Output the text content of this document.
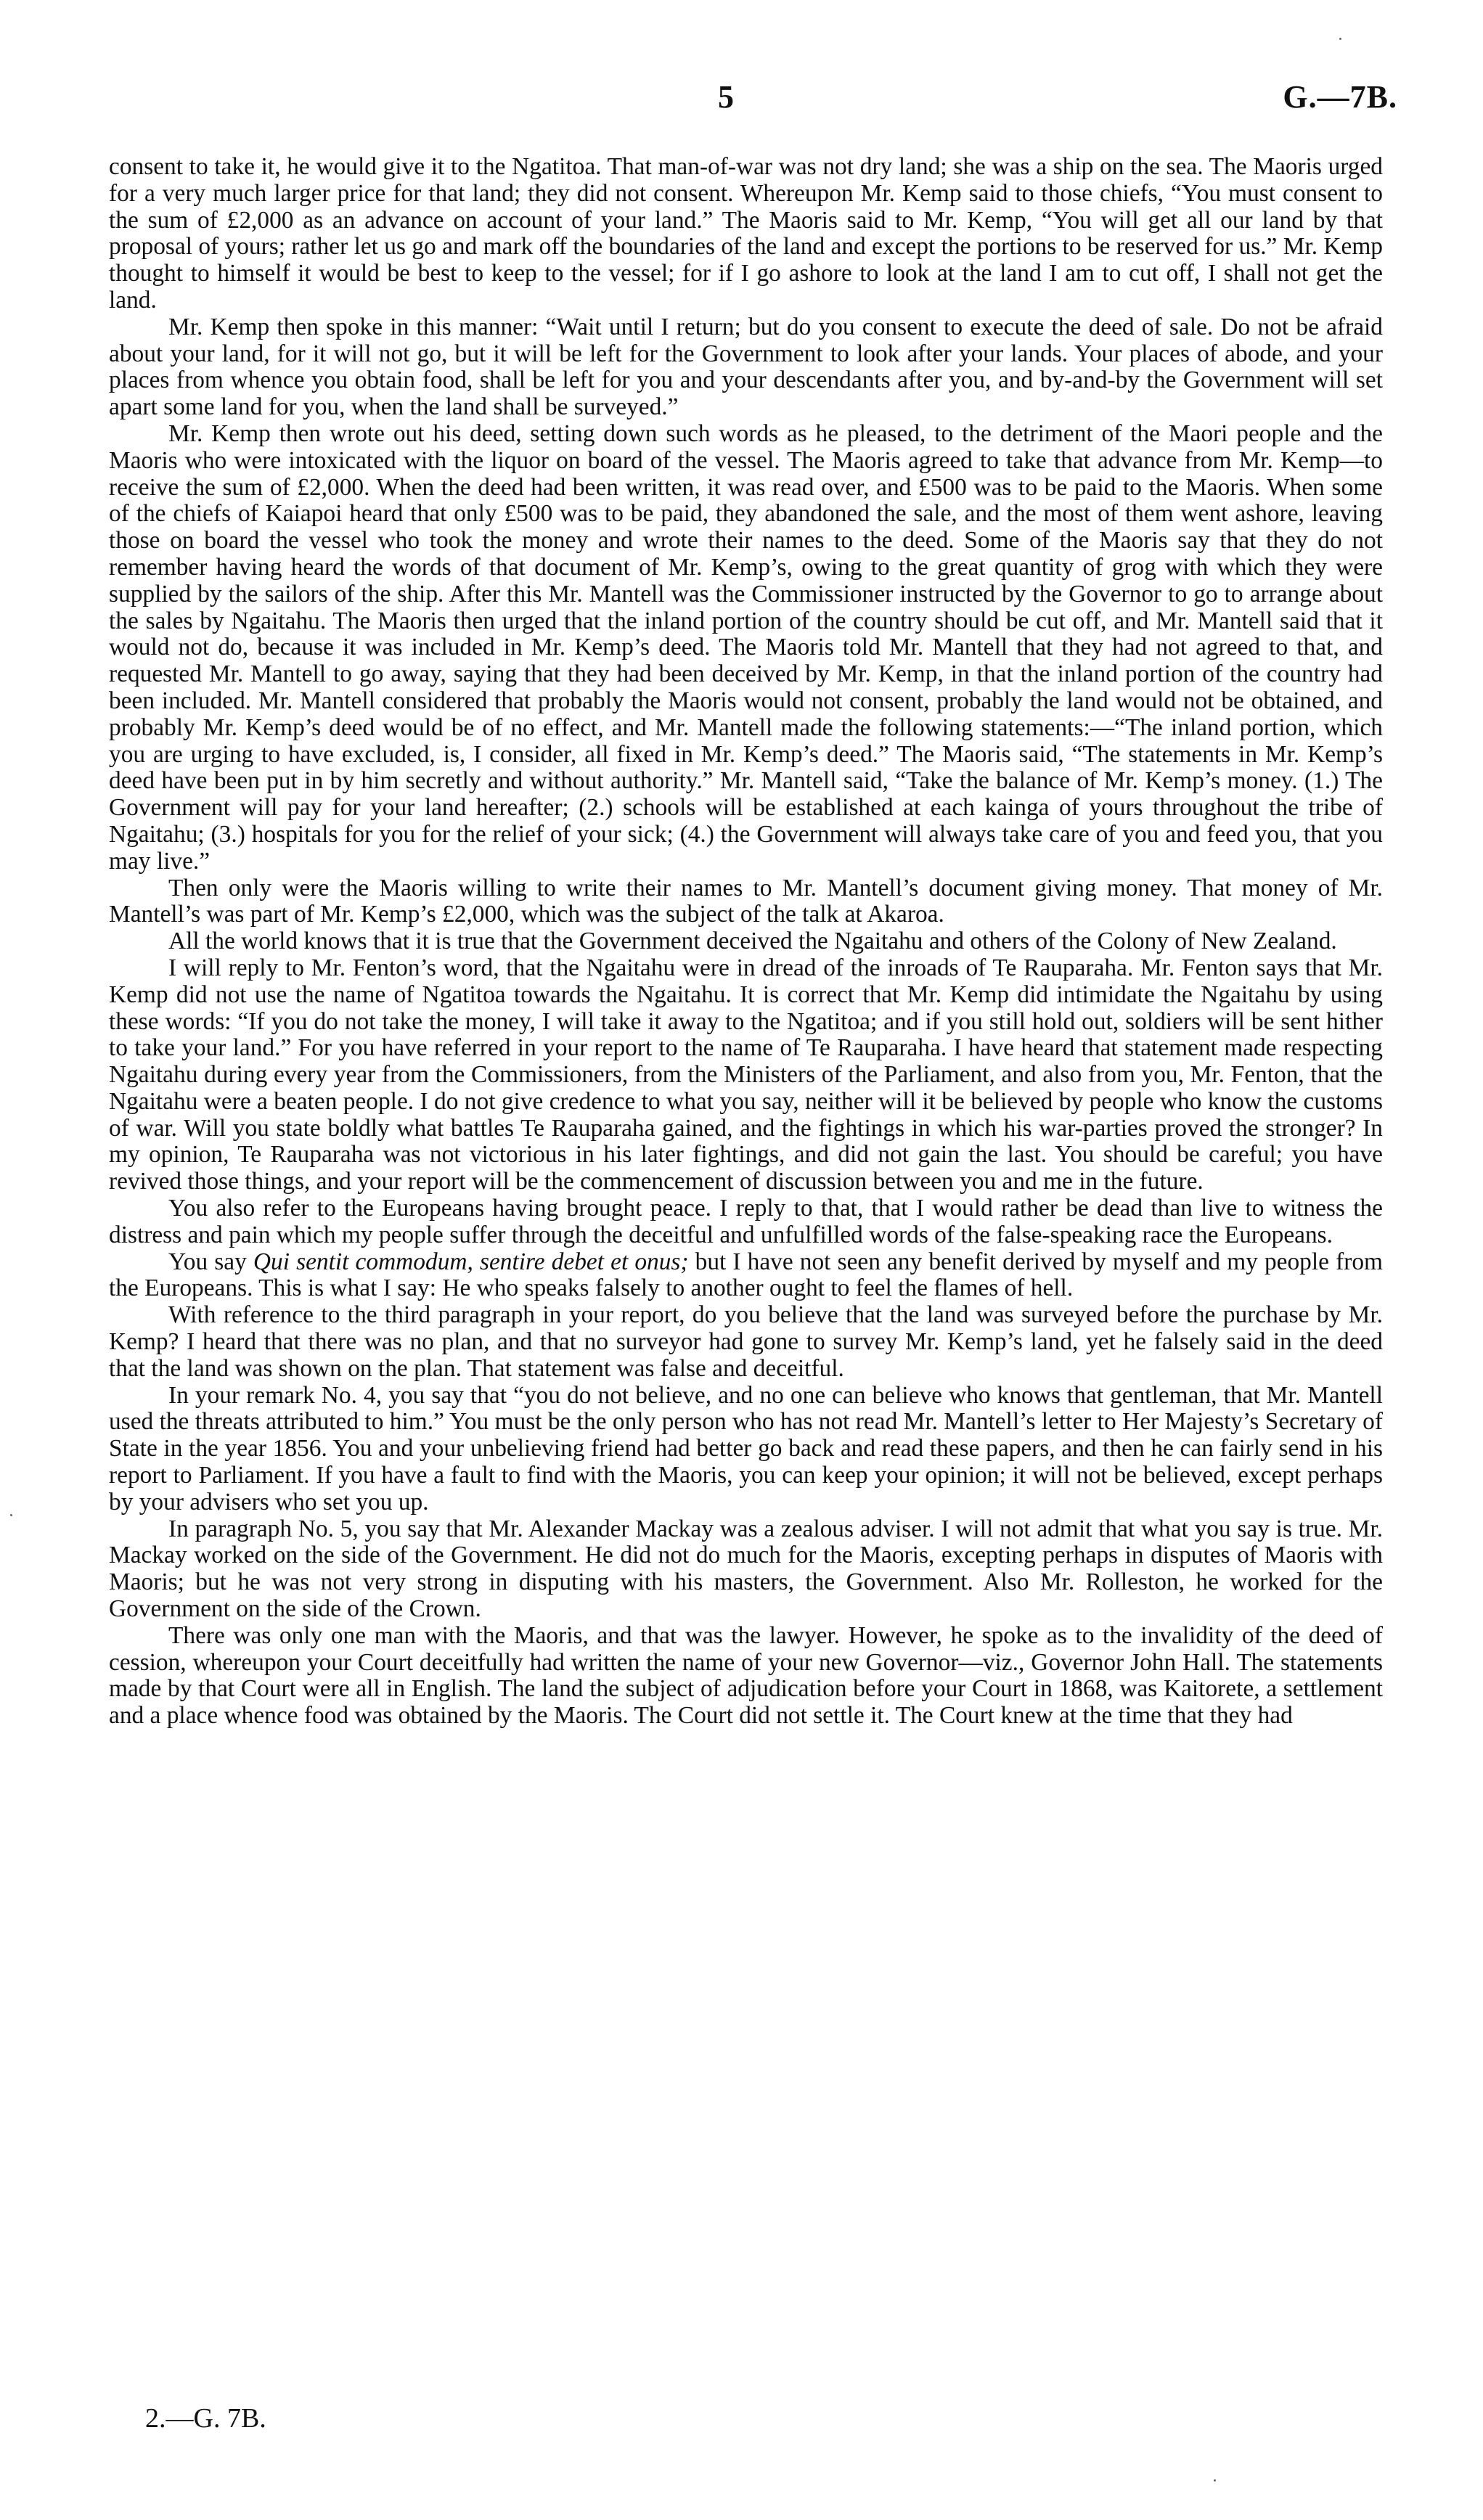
5	G.—7B.

consent to take it, he would give it to the Ngatitoa. That man-of-war was not dry land; she was a ship on the sea. The Maoris urged for a very much larger price for that land; they did not consent. Whereupon Mr. Kemp said to those chiefs, “You must consent to the sum of £2,000 as an advance on account of your land.” The Maoris said to Mr. Kemp, “You will get all our land by that proposal of yours; rather let us go and mark off the boundaries of the land and except the portions to be reserved for us.” Mr. Kemp thought to himself it would be best to keep to the vessel; for if I go ashore to look at the land I am to cut off, I shall not get the land.

Mr. Kemp then spoke in this manner: “Wait until I return; but do you consent to execute the deed of sale. Do not be afraid about your land, for it will not go, but it will be left for the Government to look after your lands. Your places of abode, and your places from whence you obtain food, shall be left for you and your descendants after you, and by-and-by the Government will set apart some land for you, when the land shall be surveyed.”

Mr. Kemp then wrote out his deed, setting down such words as he pleased, to the detriment of the Maori people and the Maoris who were intoxicated with the liquor on board of the vessel. The Maoris agreed to take that advance from Mr. Kemp—to receive the sum of £2,000. When the deed had been written, it was read over, and £500 was to be paid to the Maoris. When some of the chiefs of Kaiapoi heard that only £500 was to be paid, they abandoned the sale, and the most of them went ashore, leaving those on board the vessel who took the money and wrote their names to the deed. Some of the Maoris say that they do not remember having heard the words of that document of Mr. Kemp’s, owing to the great quantity of grog with which they were supplied by the sailors of the ship. After this Mr. Mantell was the Commissioner instructed by the Governor to go to arrange about the sales by Ngaitahu. The Maoris then urged that the inland portion of the country should be cut off, and Mr. Mantell said that it would not do, because it was included in Mr. Kemp’s deed. The Maoris told Mr. Mantell that they had not agreed to that, and requested Mr. Mantell to go away, saying that they had been deceived by Mr. Kemp, in that the inland portion of the country had been included. Mr. Mantell considered that probably the Maoris would not consent, probably the land would not be obtained, and probably Mr. Kemp’s deed would be of no effect, and Mr. Mantell made the following statements:—“The inland portion, which you are urging to have excluded, is, I consider, all fixed in Mr. Kemp’s deed.” The Maoris said, “The statements in Mr. Kemp’s deed have been put in by him secretly and without authority.” Mr. Mantell said, “Take the balance of Mr. Kemp’s money. (1.) The Government will pay for your land hereafter; (2.) schools will be established at each kainga of yours throughout the tribe of Ngaitahu; (3.) hospitals for you for the relief of your sick; (4.) the Government will always take care of you and feed you, that you may live.”

Then only were the Maoris willing to write their names to Mr. Mantell’s document giving money. That money of Mr. Mantell’s was part of Mr. Kemp’s £2,000, which was the subject of the talk at Akaroa.

All the world knows that it is true that the Government deceived the Ngaitahu and others of the Colony of New Zealand.

I will reply to Mr. Fenton’s word, that the Ngaitahu were in dread of the inroads of Te Rauparaha. Mr. Fenton says that Mr. Kemp did not use the name of Ngatitoa towards the Ngaitahu. It is correct that Mr. Kemp did intimidate the Ngaitahu by using these words: “If you do not take the money, I will take it away to the Ngatitoa; and if you still hold out, soldiers will be sent hither to take your land.” For you have referred in your report to the name of Te Rauparaha. I have heard that statement made respecting Ngaitahu during every year from the Commissioners, from the Ministers of the Parliament, and also from you, Mr. Fenton, that the Ngaitahu were a beaten people. I do not give credence to what you say, neither will it be believed by people who know the customs of war. Will you state boldly what battles Te Rauparaha gained, and the fightings in which his war-parties proved the stronger? In my opinion, Te Rauparaha was not victorious in his later fightings, and did not gain the last. You should be careful; you have revived those things, and your report will be the commencement of discussion between you and me in the future.

You also refer to the Europeans having brought peace. I reply to that, that I would rather be dead than live to witness the distress and pain which my people suffer through the deceitful and unfulfilled words of the false-speaking race the Europeans.

You say Qui sentit commodum, sentire debet et onus; but I have not seen any benefit derived by myself and my people from the Europeans. This is what I say: He who speaks falsely to another ought to feel the flames of hell.

With reference to the third paragraph in your report, do you believe that the land was surveyed before the purchase by Mr. Kemp? I heard that there was no plan, and that no surveyor had gone to survey Mr. Kemp’s land, yet he falsely said in the deed that the land was shown on the plan. That statement was false and deceitful.

In your remark No. 4, you say that “you do not believe, and no one can believe who knows that gentleman, that Mr. Mantell used the threats attributed to him.” You must be the only person who has not read Mr. Mantell’s letter to Her Majesty’s Secretary of State in the year 1856. You and your unbelieving friend had better go back and read these papers, and then he can fairly send in his report to Parliament. If you have a fault to find with the Maoris, you can keep your opinion; it will not be believed, except perhaps by your advisers who set you up.

In paragraph No. 5, you say that Mr. Alexander Mackay was a zealous adviser. I will not admit that what you say is true. Mr. Mackay worked on the side of the Government. He did not do much for the Maoris, excepting perhaps in disputes of Maoris with Maoris; but he was not very strong in disputing with his masters, the Government. Also Mr. Rolleston, he worked for the Government on the side of the Crown.

There was only one man with the Maoris, and that was the lawyer. However, he spoke as to the invalidity of the deed of cession, whereupon your Court deceitfully had written the name of your new Governor—viz., Governor John Hall. The statements made by that Court were all in English. The land the subject of adjudication before your Court in 1868, was Kaitorete, a settlement and a place whence food was obtained by the Maoris. The Court did not settle it. The Court knew at the time that they had

2.—G. 7B.
